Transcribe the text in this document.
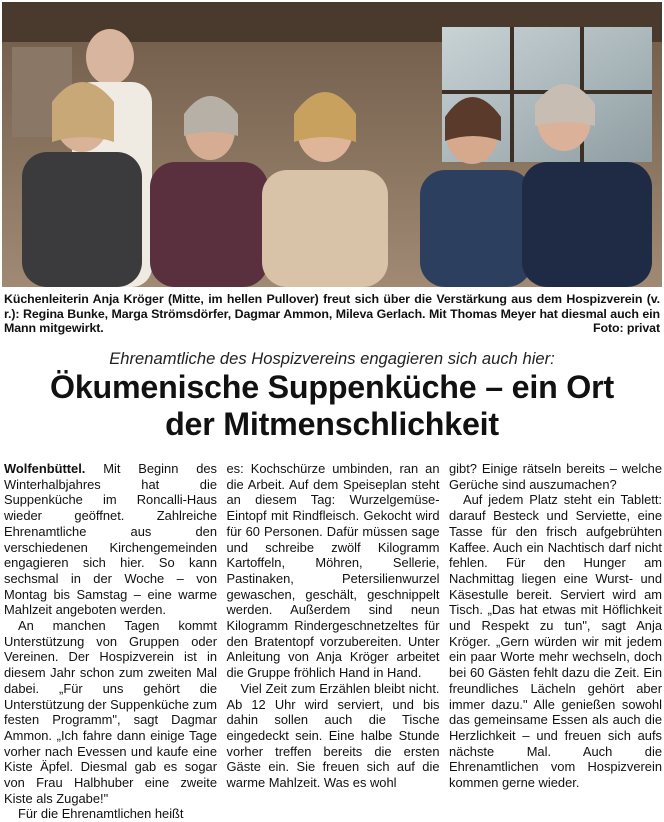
Küchenleiterin Anja Kröger (Mitte, im hellen Pullover) freut sich über die Verstärkung aus dem Hospizverein (v. r.): Regina Bunke, Marga Strömsdörfer, Dagmar Ammon, Mileva Gerlach. Mit Thomas Meyer hat diesmal auch ein Mann mitgewirkt.	Foto: privat
Ehrenamtliche des Hospizvereins engagieren sich auch hier:
Ökumenische Suppenküche – ein Ort
der Mitmenschlichkeit

Wolfenbüttel. Mit Beginn des Winterhalbjahres hat die Suppenküche im Roncalli-Haus wieder geöffnet. Zahlreiche Ehrenamtliche aus den verschiedenen Kirchengemeinden engagieren sich hier. So kann sechsmal in der Woche – von Montag bis Samstag – eine warme Mahlzeit angeboten werden.

An manchen Tagen kommt Unterstützung von Gruppen oder Vereinen. Der Hospizverein ist in diesem Jahr schon zum zweiten Mal dabei. „Für uns gehört die Unterstützung der Suppenküche zum festen Programm", sagt Dagmar Ammon. „Ich fahre dann einige Tage vorher nach Evessen und kaufe eine Kiste Äpfel. Diesmal gab es sogar von Frau Halbhuber eine zweite Kiste als Zugabe!"

Für die Ehrenamtlichen heißt

es: Kochschürze umbinden, ran an die Arbeit. Auf dem Speiseplan steht an diesem Tag: Wurzelgemüse-Eintopf mit Rindfleisch. Gekocht wird für 60 Personen. Dafür müssen sage und schreibe zwölf Kilogramm Kartoffeln, Möhren, Sellerie, Pastinaken, Petersilienwurzel gewaschen, geschält, geschnippelt werden. Außerdem sind neun Kilogramm Rindergeschnetzeltes für den Bratentopf vorzubereiten. Unter Anleitung von Anja Kröger arbeitet die Gruppe fröhlich Hand in Hand.

Viel Zeit zum Erzählen bleibt nicht. Ab 12 Uhr wird serviert, und bis dahin sollen auch die Tische eingedeckt sein. Eine halbe Stunde vorher treffen bereits die ersten Gäste ein. Sie freuen sich auf die warme Mahlzeit. Was es wohl

gibt? Einige rätseln bereits – welche Gerüche sind auszumachen?

Auf jedem Platz steht ein Tablett: darauf Besteck und Serviette, eine Tasse für den frisch aufgebrühten Kaffee. Auch ein Nachtisch darf nicht fehlen. Für den Hunger am Nachmittag liegen eine Wurst- und Käsestulle bereit. Serviert wird am Tisch. „Das hat etwas mit Höflichkeit und Respekt zu tun", sagt Anja Kröger. „Gern würden wir mit jedem ein paar Worte mehr wechseln, doch bei 60 Gästen fehlt dazu die Zeit. Ein freundliches Lächeln gehört aber immer dazu." Alle genießen sowohl das gemeinsame Essen als auch die Herzlichkeit – und freuen sich aufs nächste Mal. Auch die Ehrenamtlichen vom Hospizverein kommen gerne wieder.
